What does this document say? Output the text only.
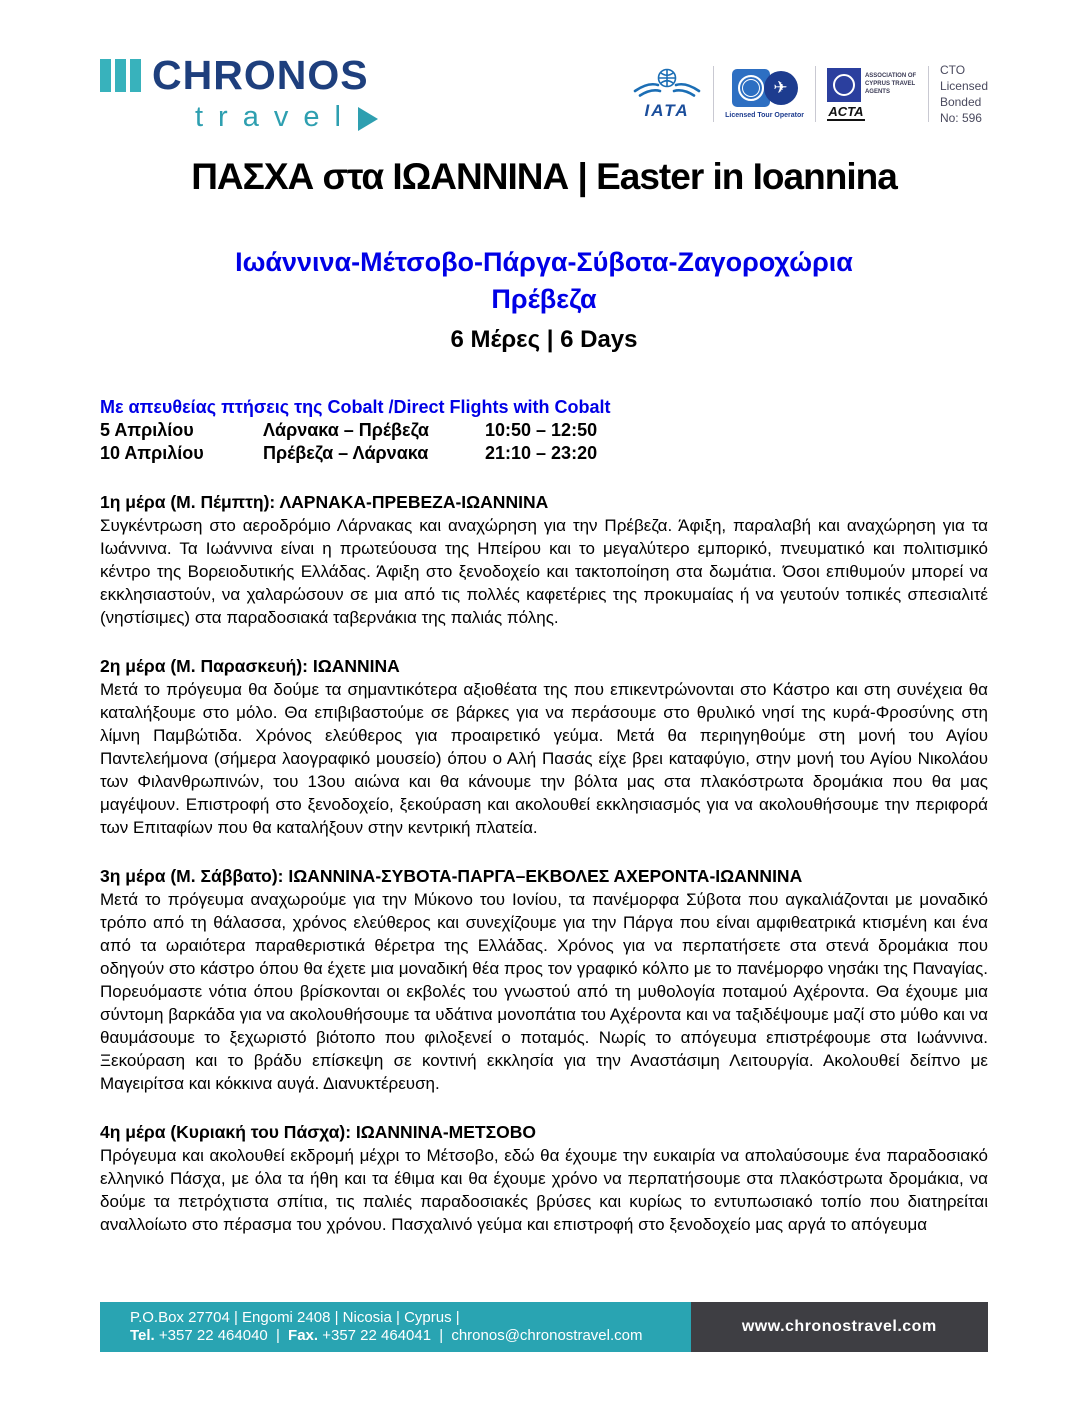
CHRONOS
travel	IATA
✈
Licensed Tour Operator
ASSOCIATION OF CYPRUS TRAVEL AGENTS
ACTA
CTO
Licensed
Bonded
No: 596
ΠΑΣΧΑ στα ΙΩΑΝΝΙΝΑ | Easter in Ioannina
Ιωάννινα-Μέτσοβο-Πάργα-Σύβοτα-Ζαγοροχώρια
Πρέβεζα
6 Μέρες | 6 Days
Με απευθείας πτήσεις της Cobalt /Direct Flights with Cobalt
5 Απριλίου	Λάρνακα – Πρέβεζα	10:50 – 12:50
10 Απριλίου	Πρέβεζα – Λάρνακα	21:10 – 23:20
1η μέρα (Μ. Πέμπτη): ΛΑΡΝΑΚΑ-ΠΡΕΒΕΖΑ-ΙΩΑΝΝΙΝΑ
Συγκέντρωση στο αεροδρόμιο Λάρνακας και αναχώρηση για την Πρέβεζα. Άφιξη, παραλαβή και αναχώρηση για τα Ιωάννινα. Τα Ιωάννινα είναι η πρωτεύουσα της Ηπείρου και το μεγαλύτερο εμπορικό, πνευματικό και πολιτισμικό κέντρο της Βορειοδυτικής Ελλάδας. Άφιξη στο ξενοδοχείο και τακτοποίηση στα δωμάτια. Όσοι επιθυμούν μπορεί να εκκλησιαστούν, να χαλαρώσουν σε μια από τις πολλές καφετέριες της προκυμαίας ή να γευτούν τοπικές σπεσιαλιτέ (νηστίσιμες) στα παραδοσιακά ταβερνάκια της παλιάς πόλης.
2η μέρα (Μ. Παρασκευή): ΙΩΑΝΝΙΝΑ
Μετά το πρόγευμα θα δούμε τα σημαντικότερα αξιοθέατα της που επικεντρώνονται στο Κάστρο και στη συνέχεια θα καταλήξουμε στο μόλο. Θα επιβιβαστούμε σε βάρκες για να περάσουμε στο θρυλικό νησί της κυρά-Φροσύνης στη λίμνη Παμβώτιδα. Χρόνος ελεύθερος για προαιρετικό γεύμα. Μετά θα περιηγηθούμε στη μονή του Αγίου Παντελεήμονα (σήμερα λαογραφικό μουσείο) όπου ο Αλή Πασάς είχε βρει καταφύγιο, στην μονή του Αγίου Νικολάου των Φιλανθρωπινών, του 13ου αιώνα και θα κάνουμε την βόλτα μας στα πλακόστρωτα δρομάκια που θα μας μαγέψουν. Επιστροφή στο ξενοδοχείο, ξεκούραση και ακολουθεί εκκλησιασμός για να ακολουθήσουμε την περιφορά των Επιταφίων που θα καταλήξουν στην κεντρική πλατεία.
3η μέρα (Μ. Σάββατο): ΙΩΑΝΝΙΝΑ-ΣΥΒΟΤΑ-ΠΑΡΓΑ–ΕΚΒΟΛΕΣ ΑΧΕΡΟΝΤΑ-ΙΩΑΝΝΙΝΑ
Μετά το πρόγευμα αναχωρούμε για την Μύκονο του Ιονίου, τα πανέμορφα Σύβοτα που αγκαλιάζονται με μοναδικό τρόπο από τη θάλασσα, χρόνος ελεύθερος και συνεχίζουμε για την Πάργα που είναι αμφιθεατρικά κτισμένη και ένα από τα ωραιότερα παραθεριστικά θέρετρα της Ελλάδας. Χρόνος για να περπατήσετε στα στενά δρομάκια που οδηγούν στο κάστρο όπου θα έχετε μια μοναδική θέα προς τον γραφικό κόλπο με το πανέμορφο νησάκι της Παναγίας. Πορευόμαστε νότια όπου βρίσκονται οι εκβολές του γνωστού από τη μυθολογία ποταμού Αχέροντα. Θα έχουμε μια σύντομη βαρκάδα για να ακολουθήσουμε τα υδάτινα μονοπάτια του Αχέροντα και να ταξιδέψουμε μαζί στο μύθο και να θαυμάσουμε το ξεχωριστό βιότοπο που φιλοξενεί ο ποταμός. Νωρίς το απόγευμα επιστρέφουμε στα Ιωάννινα. Ξεκούραση και το βράδυ επίσκεψη σε κοντινή εκκλησία για την Αναστάσιμη Λειτουργία. Ακολουθεί δείπνο με Μαγειρίτσα και κόκκινα αυγά. Διανυκτέρευση.
4η μέρα (Κυριακή του Πάσχα): ΙΩΑΝΝΙΝΑ-ΜΕΤΣΟΒΟ
Πρόγευμα και ακολουθεί εκδρομή μέχρι το Μέτσοβο, εδώ θα έχουμε την ευκαιρία να απολαύσουμε ένα παραδοσιακό ελληνικό Πάσχα, με όλα τα ήθη και τα έθιμα και θα έχουμε χρόνο να περπατήσουμε στα πλακόστρωτα δρομάκια, να δούμε τα πετρόχτιστα σπίτια, τις παλιές παραδοσιακές βρύσες και κυρίως το εντυπωσιακό τοπίο που διατηρείται αναλλοίωτο στο πέρασμα του χρόνου. Πασχαλινό γεύμα και επιστροφή στο ξενοδοχείο μας αργά το απόγευμα
P.O.Box 27704 | Engomi 2408 | Nicosia | Cyprus |
Tel. +357 22 464040 | Fax. +357 22 464041 | chronos@chronostravel.com
www.chronostravel.com
